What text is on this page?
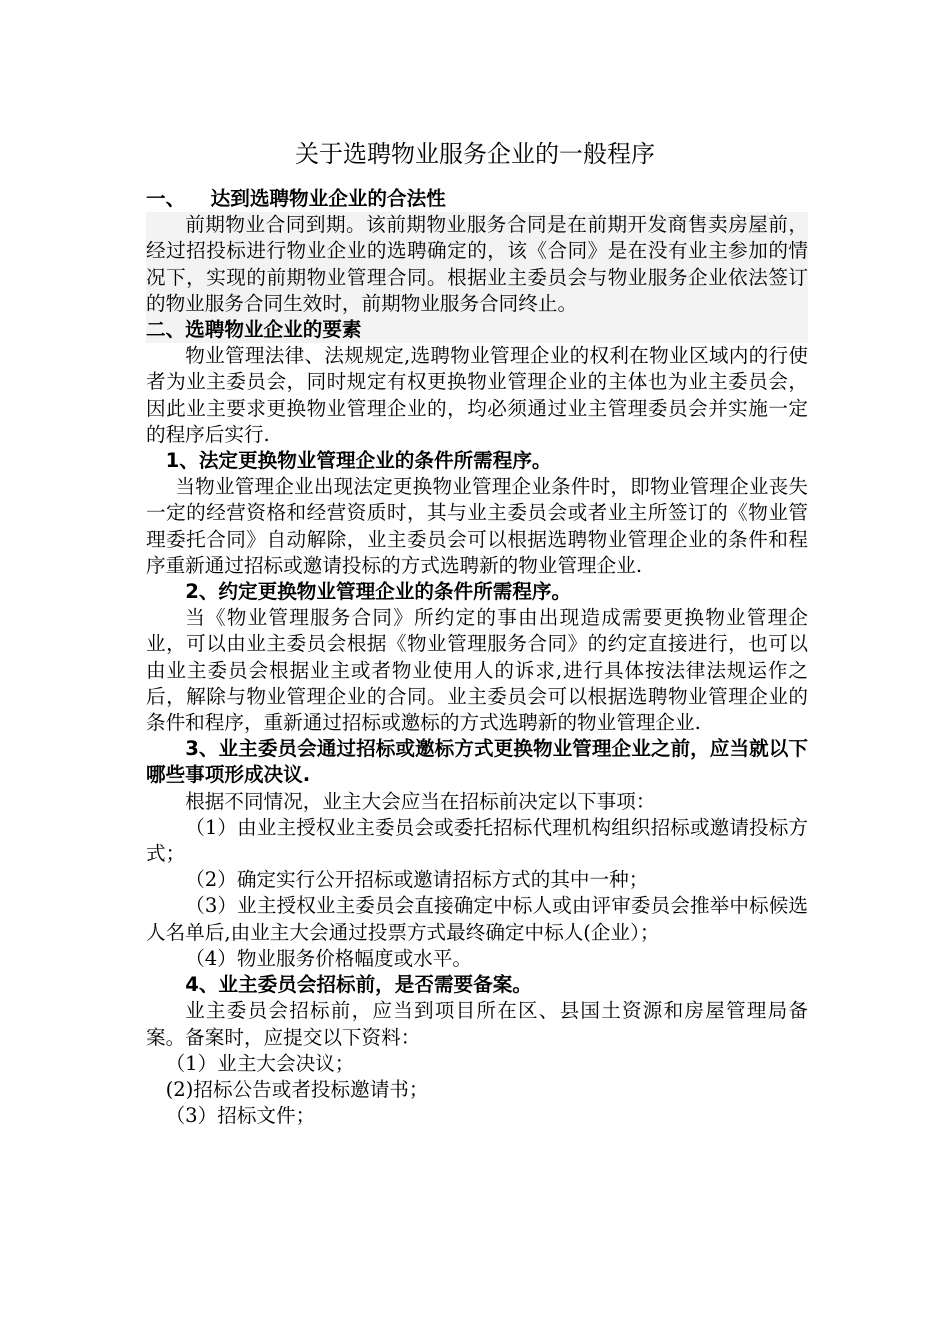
关于选聘物业服务企业的一般程序

一、 达到选聘物业企业的合法性

前期物业合同到期。该前期物业服务合同是在前期开发商售卖房屋前，经过招投标进行物业企业的选聘确定的，该《合同》是在没有业主参加的情况下，实现的前期物业管理合同。根据业主委员会与物业服务企业依法签订的物业服务合同生效时，前期物业服务合同终止。

二、选聘物业企业的要素

物业管理法律、法规规定,选聘物业管理企业的权利在物业区域内的行使者为业主委员会，同时规定有权更换物业管理企业的主体也为业主委员会，因此业主要求更换物业管理企业的，均必须通过业主管理委员会并实施一定的程序后实行.

1、法定更换物业管理企业的条件所需程序。

当物业管理企业出现法定更换物业管理企业条件时，即物业管理企业丧失一定的经营资格和经营资质时，其与业主委员会或者业主所签订的《物业管理委托合同》自动解除，业主委员会可以根据选聘物业管理企业的条件和程序重新通过招标或邀请投标的方式选聘新的物业管理企业.

2、约定更换物业管理企业的条件所需程序。

当《物业管理服务合同》所约定的事由出现造成需要更换物业管理企业，可以由业主委员会根据《物业管理服务合同》的约定直接进行，也可以由业主委员会根据业主或者物业使用人的诉求,进行具体按法律法规运作之后，解除与物业管理企业的合同。业主委员会可以根据选聘物业管理企业的条件和程序，重新通过招标或邀标的方式选聘新的物业管理企业.

3、业主委员会通过招标或邀标方式更换物业管理企业之前，应当就以下哪些事项形成决议.

根据不同情况，业主大会应当在招标前决定以下事项：

（1）由业主授权业主委员会或委托招标代理机构组织招标或邀请投标方式；

（2）确定实行公开招标或邀请招标方式的其中一种；

（3）业主授权业主委员会直接确定中标人或由评审委员会推举中标候选人名单后,由业主大会通过投票方式最终确定中标人(企业）；

（4）物业服务价格幅度或水平。

4、业主委员会招标前，是否需要备案。

业主委员会招标前，应当到项目所在区、县国土资源和房屋管理局备案。备案时，应提交以下资料：

（1）业主大会决议；

(2)招标公告或者投标邀请书；

（3）招标文件；
